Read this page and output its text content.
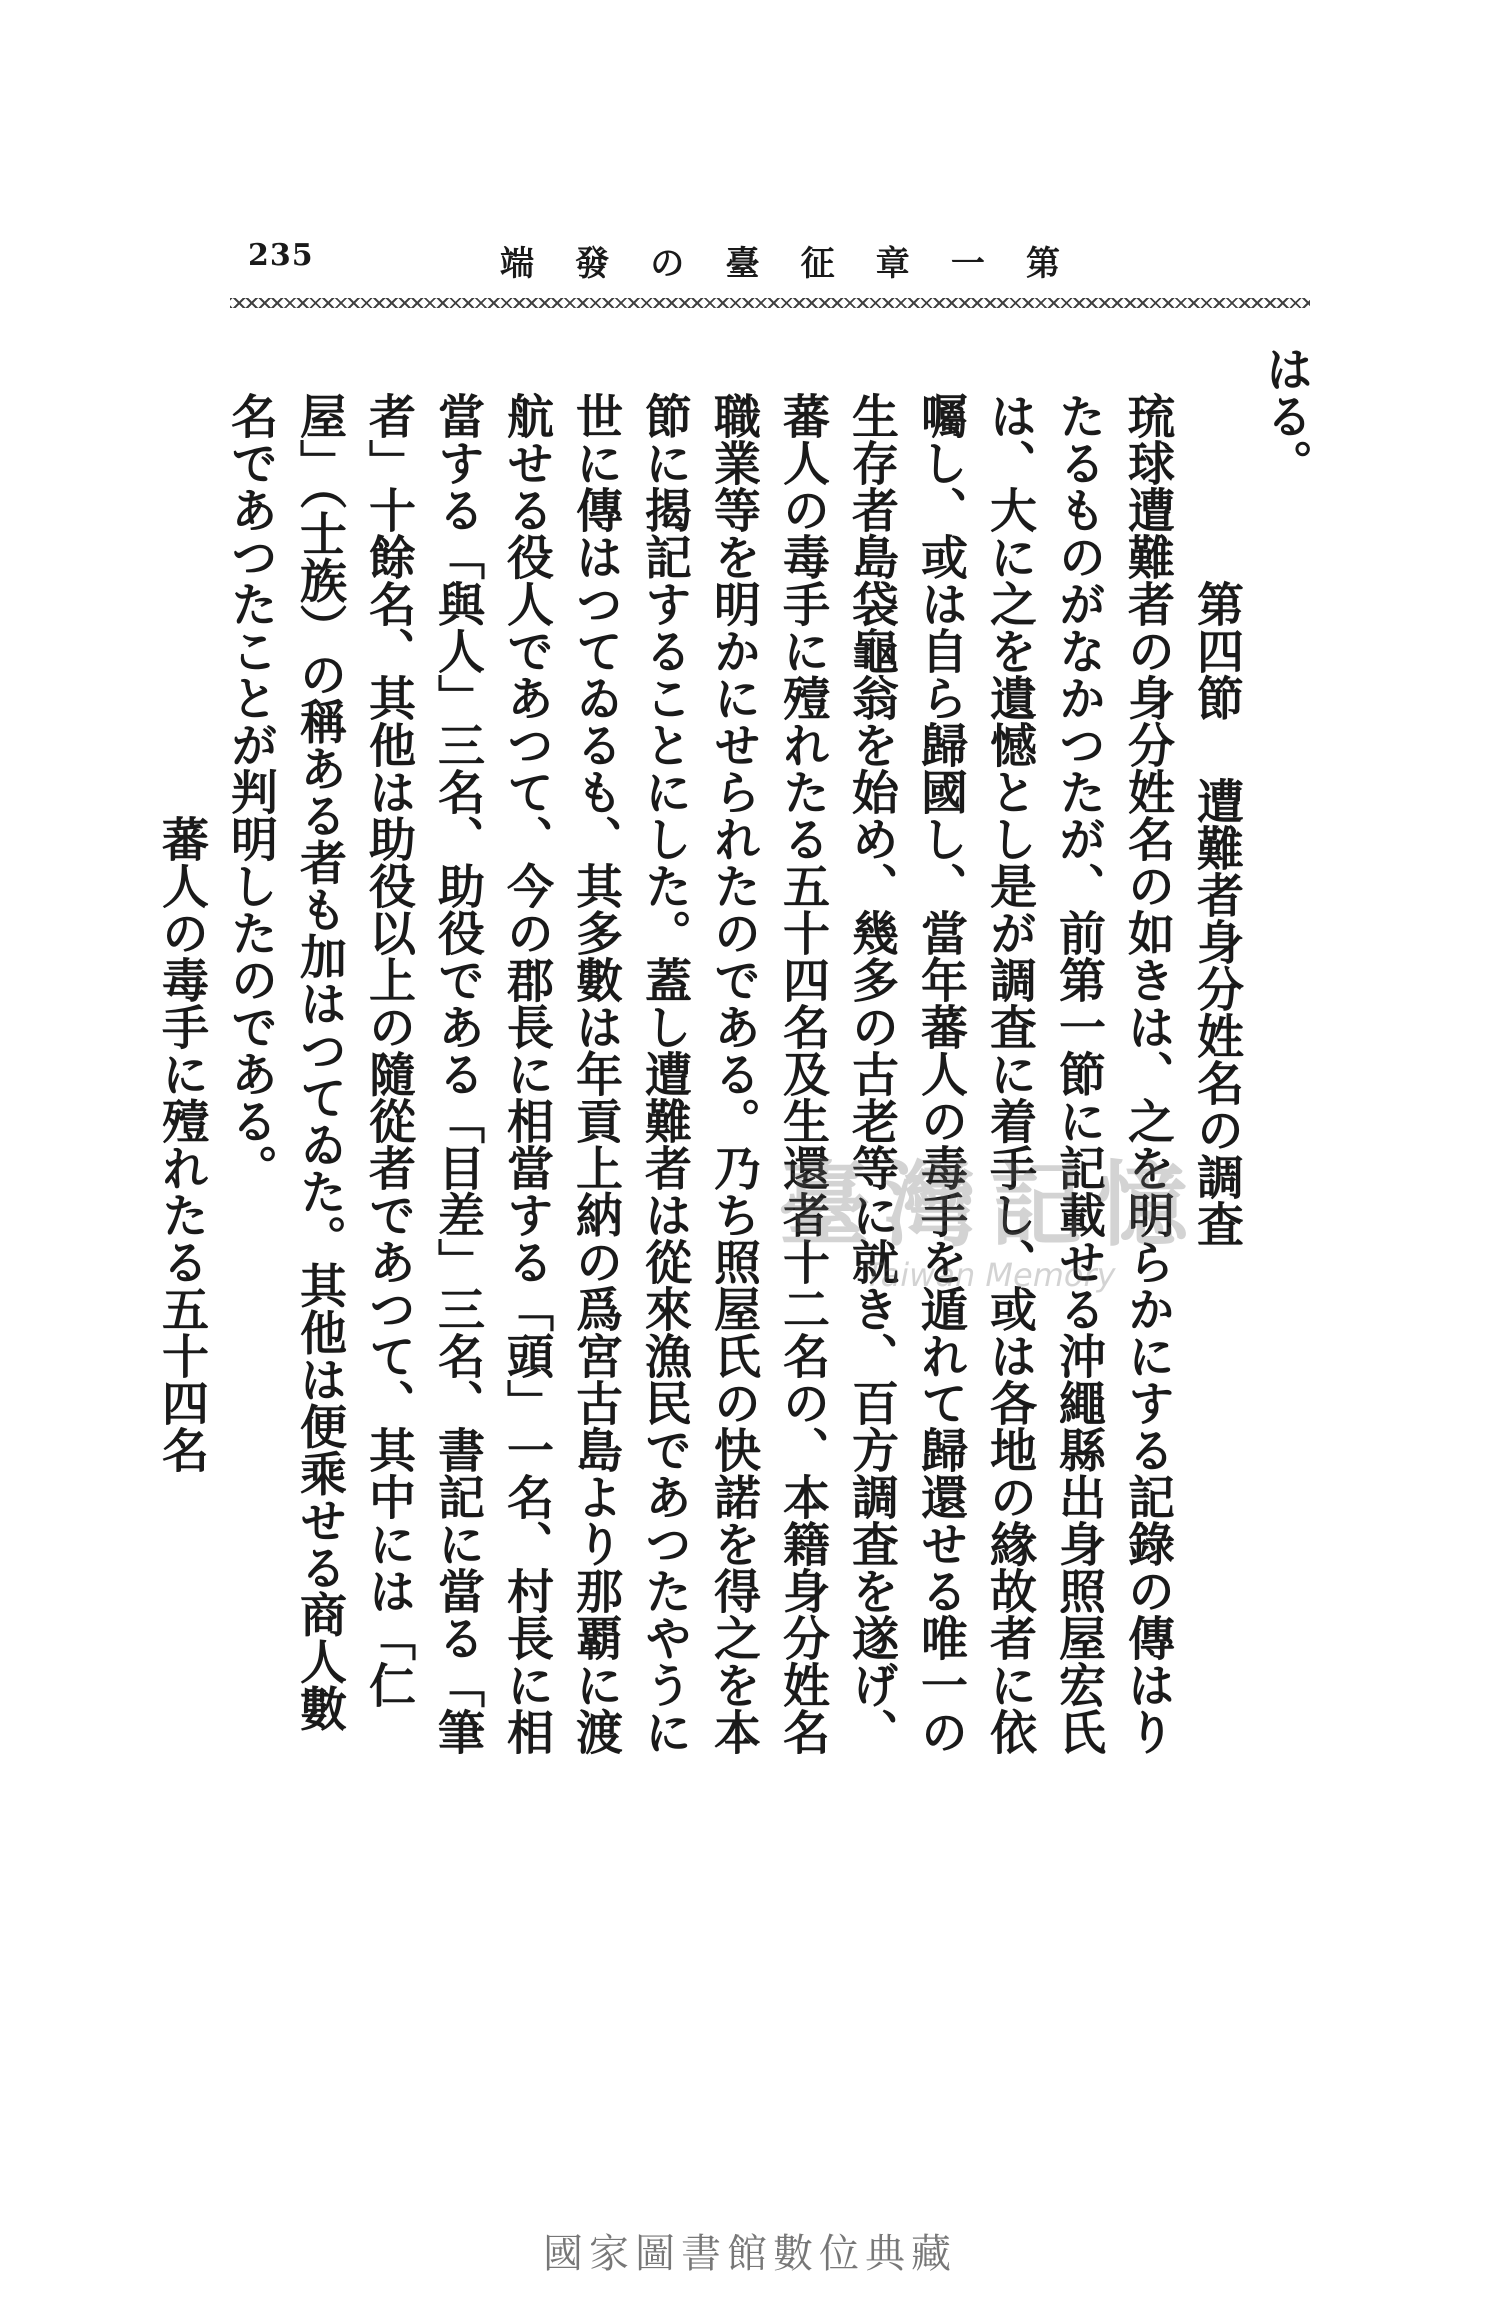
235	第
一
章
征
臺
の
發
端

はる。

第四節遭難者身分姓名の調査

琉球遭難者の身分姓名の如きは、之を明らかにする記錄の傳はりたるものがなかつたが、前第一節に記載せる沖繩縣出身照屋宏氏は、大に之を遺憾とし是が調査に着手し、或は各地の緣故者に依囑し、或は自ら歸國し、當年蕃人の毒手を遁れて歸還せる唯一の生存者島袋龜翁を始め、幾多の古老等に就き、百方調査を遂げ、蕃人の毒手に殪れたる五十四名及生還者十二名の、本籍身分姓名職業等を明かにせられたのである。乃ち照屋氏の快諾を得之を本節に揭記することにした。蓋し遭難者は從來漁民であつたやうに世に傳はつてゐるも、其多數は年貢上納の爲宮古島より那覇に渡航せる役人であつて、今の郡長に相當する「頭」一名、村長に相當する「與人」三名、助役である「目差」三名、書記に當る「筆者」十餘名、其他は助役以上の隨從者であつて、其中には「仁屋」（士族）の稱ある者も加はつてゐた。其他は便乘せる商人數名であつたことが判明したのである。

蕃人の毒手に殪れたる五十四名	臺灣記憶
Taiwan Memory
國家圖書館數位典藏
